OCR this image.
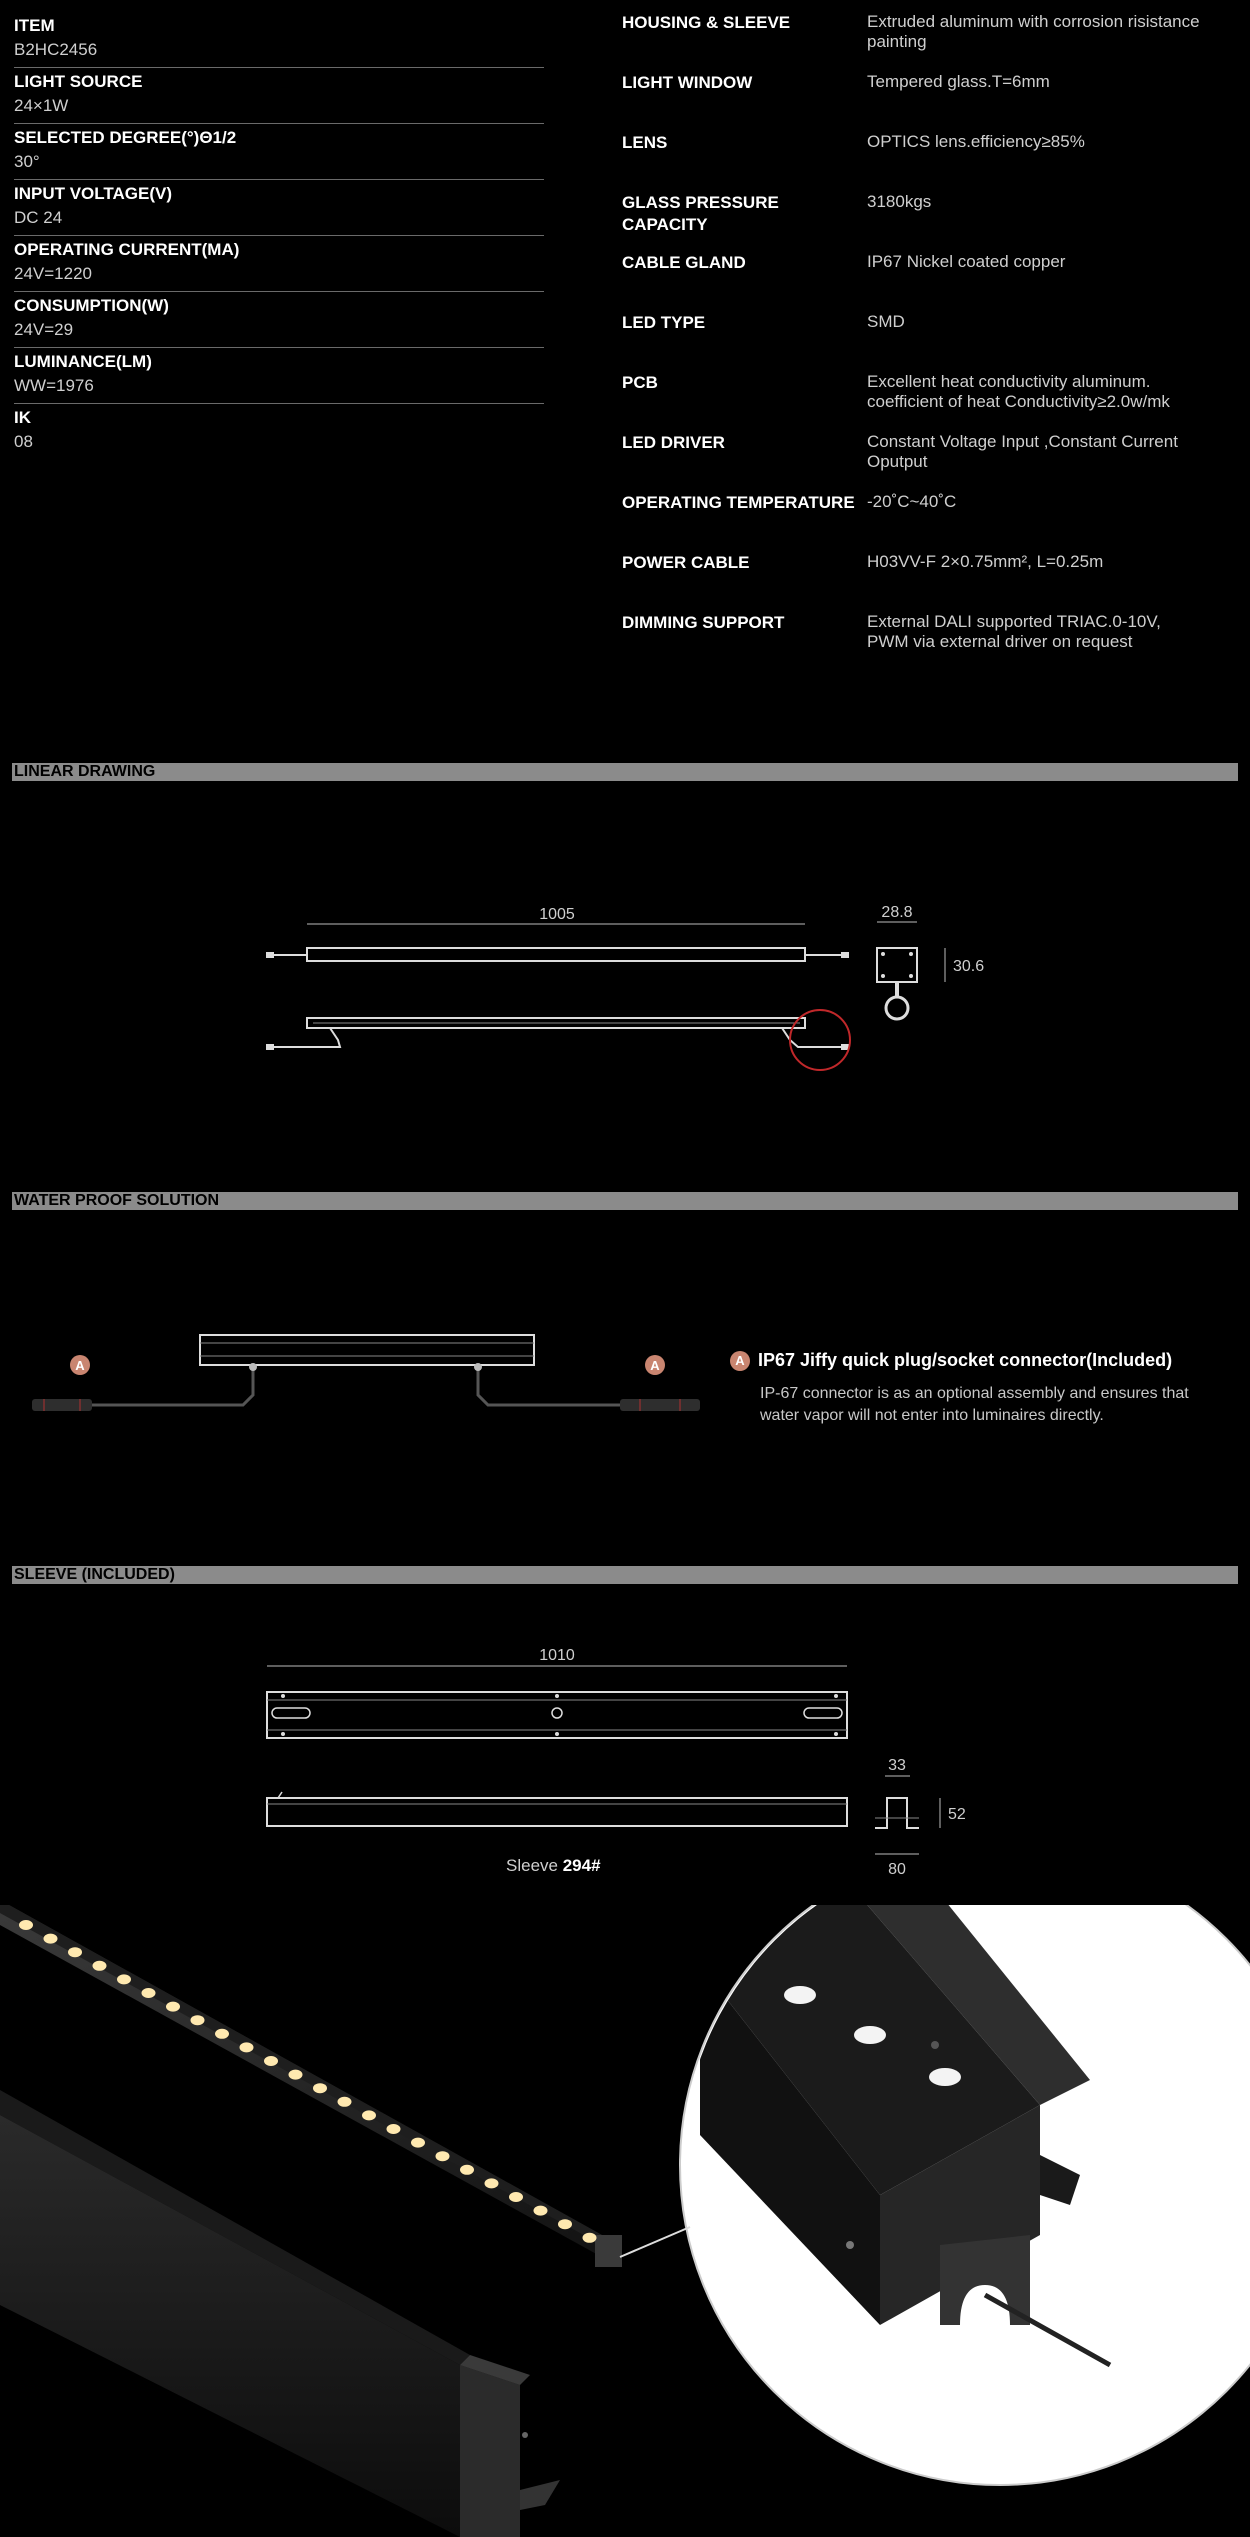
ITEM
B2HC2456
LIGHT SOURCE
24×1W
SELECTED DEGREE(°)Θ1/2
30°
INPUT VOLTAGE(V)
DC 24
OPERATING CURRENT(MA)
24V=1220
CONSUMPTION(W)
24V=29
LUMINANCE(LM)
WW=1976
IK
08
HOUSING & SLEEVE	Extruded aluminum with corrosion risistance
painting
LIGHT WINDOW	Tempered glass.T=6mm
LENS	OPTICS lens.efficiency≥85%
GLASS PRESSURE CAPACITY
3180kgs
CABLE GLAND	IP67 Nickel coated copper
LED TYPE	SMD
PCB	Excellent heat conductivity aluminum.
coefficient of heat Conductivity≥2.0w/mk
LED DRIVER	Constant Voltage Input ,Constant Current
Oputput
OPERATING TEMPERATURE -20˚C~40˚C
POWER CABLE	H03VV-F 2×0.75mm², L=0.25m
DIMMING SUPPORT	External DALI supported TRIAC.0-10V,
PWM via external driver on request
LINEAR DRAWING
1005	28.8
30.6
WATER PROOF SOLUTION
A	A	A IP67 Jiffy quick plug/socket connector(Included)
IP-67 connector is as an optional assembly and ensures that
water vapor will not enter into luminaires directly.
SLEEVE (INCLUDED)
1010
33
52
80
Sleeve 294#
